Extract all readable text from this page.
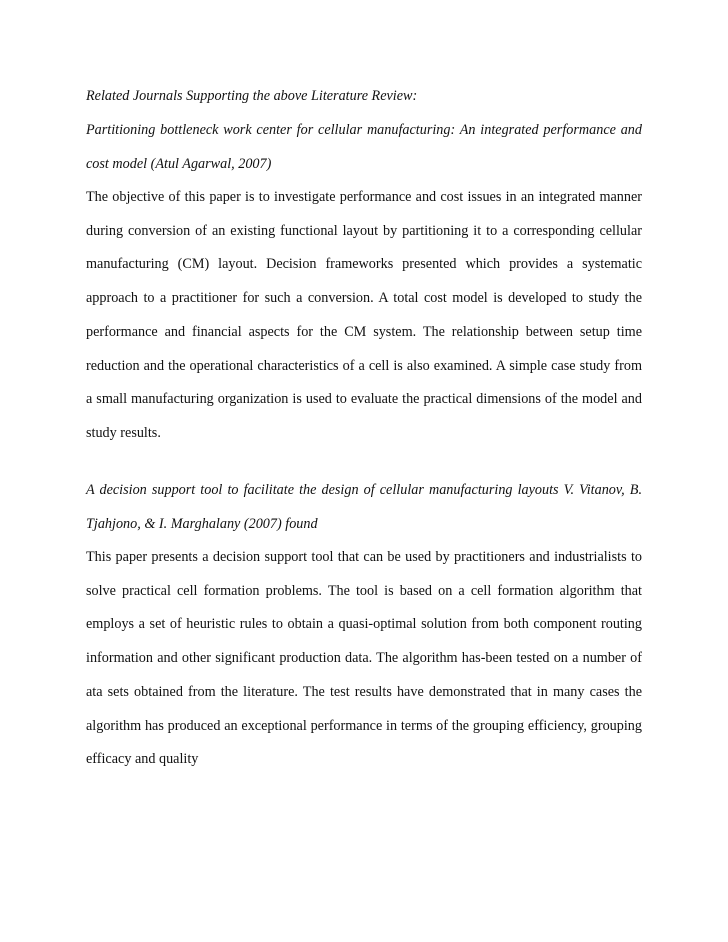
Related Journals Supporting the above Literature Review:

Partitioning bottleneck work center for cellular manufacturing: An integrated performance and cost model (Atul Agarwal, 2007)

The objective of this paper is to investigate performance and cost issues in an integrated manner during conversion of an existing functional layout by partitioning it to a corresponding cellular manufacturing (CM) layout. Decision frameworks presented which provides a systematic approach to a practitioner for such a conversion. A total cost model is developed to study the performance and financial aspects for the CM system. The relationship between setup time reduction and the operational characteristics of a cell is also examined. A simple case study from a small manufacturing organization is used to evaluate the practical dimensions of the model and study results.

A decision support tool to facilitate the design of cellular manufacturing layouts V. Vitanov, B. Tjahjono, & I. Marghalany (2007) found

This paper presents a decision support tool that can be used by practitioners and industrialists to solve practical cell formation problems. The tool is based on a cell formation algorithm that employs a set of heuristic rules to obtain a quasi-optimal solution from both component routing information and other significant production data. The algorithm has-been tested on a number of ata sets obtained from the literature. The test results have demonstrated that in many cases the algorithm has produced an exceptional performance in terms of the grouping efficiency, grouping efficacy and quality
